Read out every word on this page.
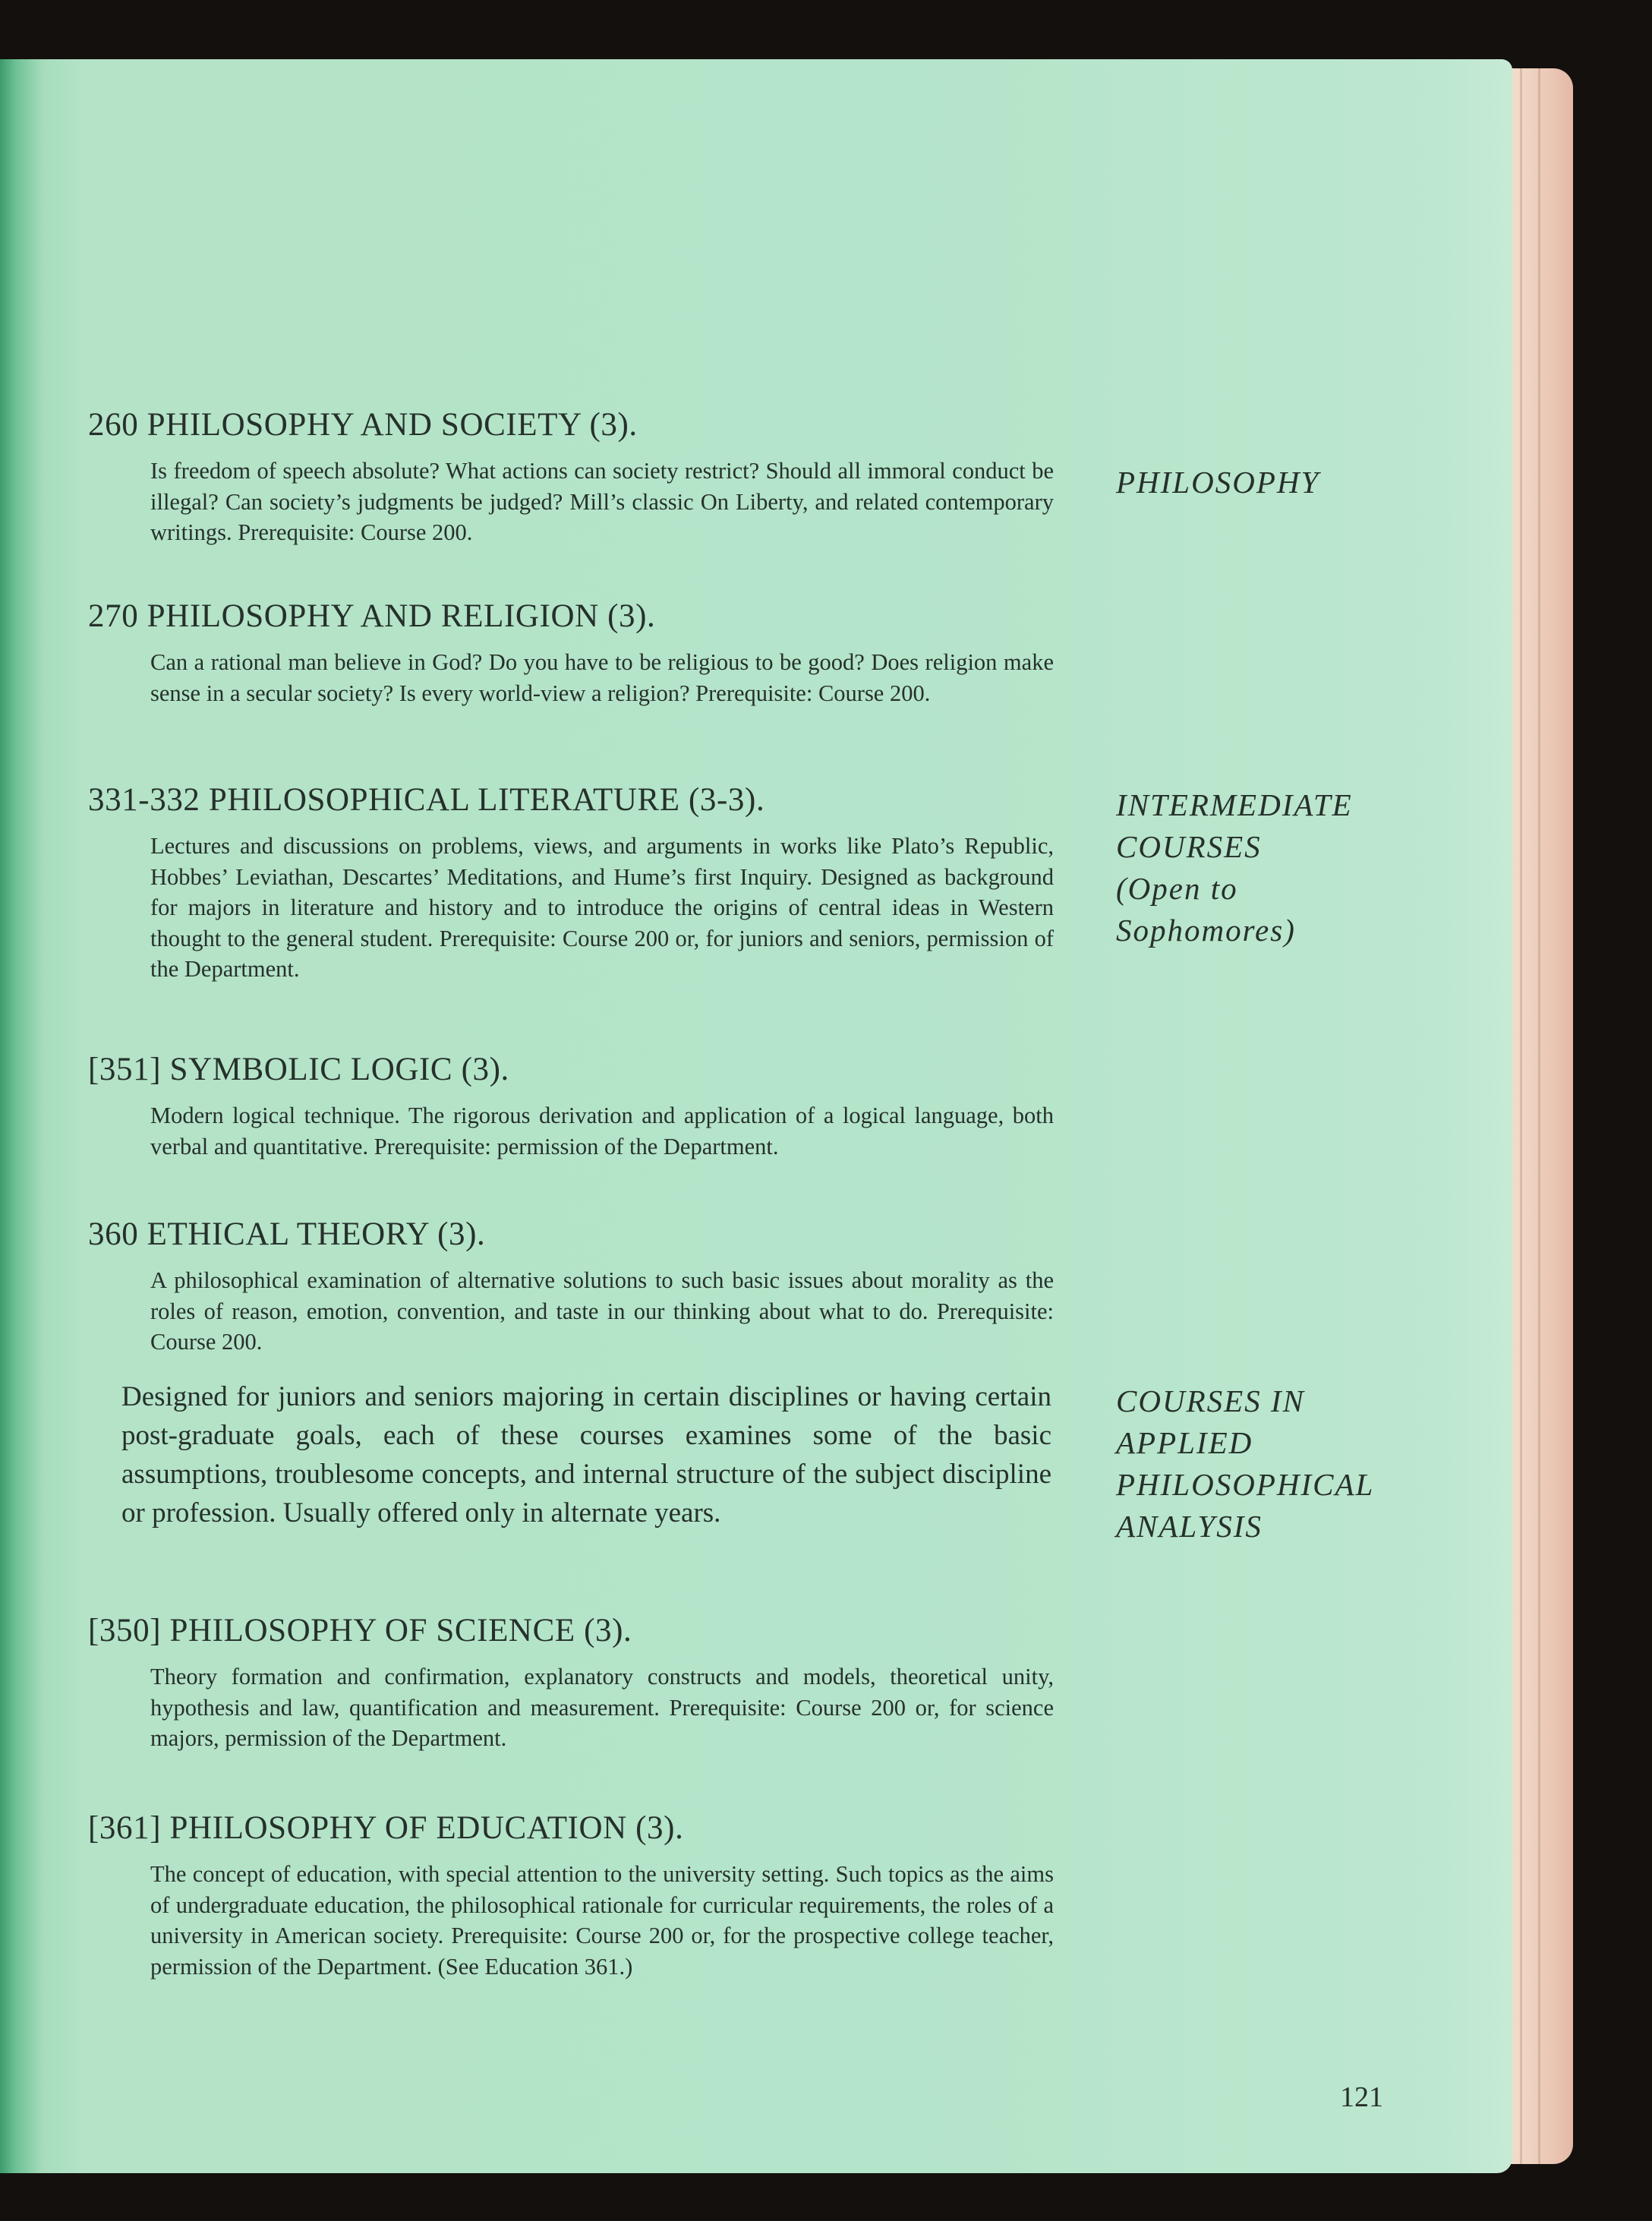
PHILOSOPHY
260 PHILOSOPHY AND SOCIETY (3).
Is freedom of speech absolute? What actions can society restrict? Should all immoral conduct be illegal? Can society’s judgments be judged? Mill’s classic On Liberty, and related contemporary writings. Prerequisite: Course 200.
270 PHILOSOPHY AND RELIGION (3).
Can a rational man believe in God? Do you have to be religious to be good? Does religion make sense in a secular society? Is every world-view a religion? Prerequisite: Course 200.
INTERMEDIATE
COURSES
(Open to
Sophomores)
331-332 PHILOSOPHICAL LITERATURE (3-3).
Lectures and discussions on problems, views, and arguments in works like Plato’s Republic, Hobbes’ Leviathan, Descartes’ Meditations, and Hume’s first Inquiry. Designed as background for majors in literature and history and to introduce the origins of central ideas in Western thought to the general student. Prerequisite: Course 200 or, for juniors and seniors, permission of the Department.
[351] SYMBOLIC LOGIC (3).
Modern logical technique. The rigorous derivation and application of a logical language, both verbal and quantitative. Prerequisite: permission of the Department.
360 ETHICAL THEORY (3).
A philosophical examination of alternative solutions to such basic issues about morality as the roles of reason, emotion, convention, and taste in our thinking about what to do. Prerequisite: Course 200.
Designed for juniors and seniors majoring in certain disciplines or having certain post-graduate goals, each of these courses examines some of the basic assumptions, troublesome concepts, and internal structure of the subject discipline or profession. Usually offered only in alternate years.
COURSES IN
APPLIED
PHILOSOPHICAL
ANALYSIS
[350] PHILOSOPHY OF SCIENCE (3).
Theory formation and confirmation, explanatory constructs and models, theoretical unity, hypothesis and law, quantification and measurement. Prerequisite: Course 200 or, for science majors, permission of the Department.
[361] PHILOSOPHY OF EDUCATION (3).
The concept of education, with special attention to the university setting. Such topics as the aims of undergraduate education, the philosophical rationale for curricular requirements, the roles of a university in American society. Prerequisite: Course 200 or, for the prospective college teacher, permission of the Department. (See Education 361.)
121
